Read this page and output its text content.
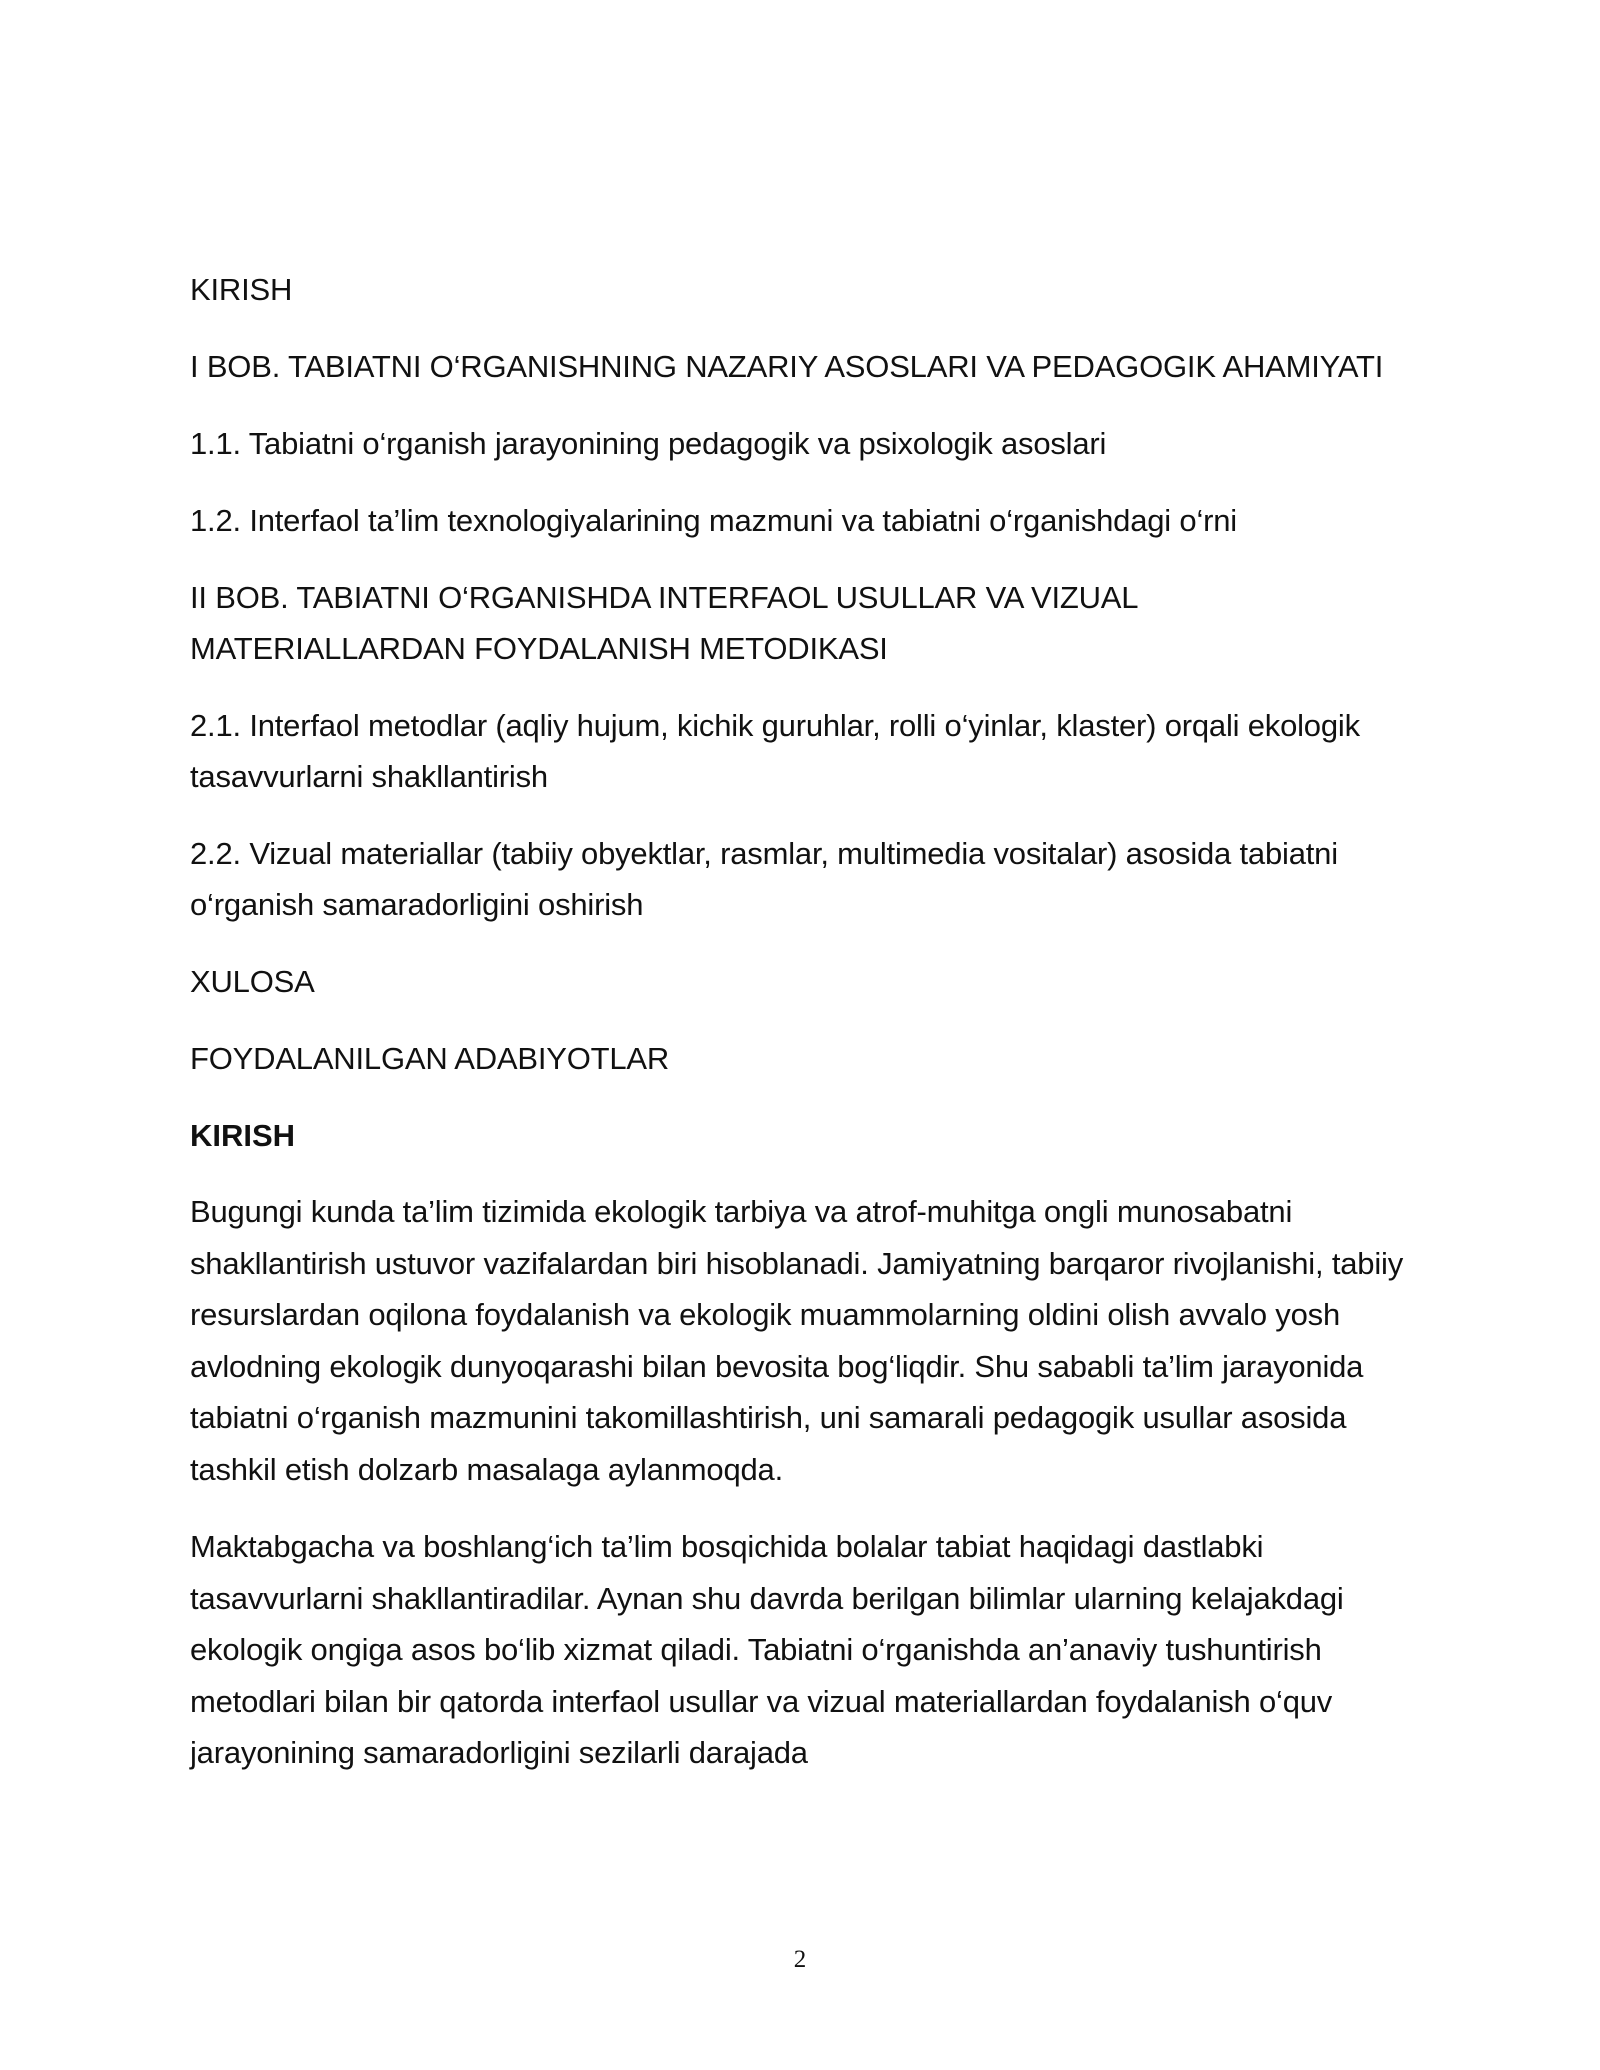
KIRISH

I BOB. TABIATNI O‘RGANISHNING NAZARIY ASOSLARI VA PEDAGOGIK AHAMIYATI

1.1. Tabiatni o‘rganish jarayonining pedagogik va psixologik asoslari

1.2. Interfaol ta’lim texnologiyalarining mazmuni va tabiatni o‘rganishdagi o‘rni

II BOB. TABIATNI O‘RGANISHDA INTERFAOL USULLAR VA VIZUAL MATERIALLARDAN FOYDALANISH METODIKASI

2.1. Interfaol metodlar (aqliy hujum, kichik guruhlar, rolli o‘yinlar, klaster) orqali ekologik tasavvurlarni shakllantirish

2.2. Vizual materiallar (tabiiy obyektlar, rasmlar, multimedia vositalar) asosida tabiatni o‘rganish samaradorligini oshirish

XULOSA

FOYDALANILGAN ADABIYOTLAR

KIRISH

Bugungi kunda ta’lim tizimida ekologik tarbiya va atrof-muhitga ongli munosabatni shakllantirish ustuvor vazifalardan biri hisoblanadi. Jamiyatning barqaror rivojlanishi, tabiiy resurslardan oqilona foydalanish va ekologik muammolarning oldini olish avvalo yosh avlodning ekologik dunyoqarashi bilan bevosita bog‘liqdir. Shu sababli ta’lim jarayonida tabiatni o‘rganish mazmunini takomillashtirish, uni samarali pedagogik usullar asosida tashkil etish dolzarb masalaga aylanmoqda.

Maktabgacha va boshlang‘ich ta’lim bosqichida bolalar tabiat haqidagi dastlabki tasavvurlarni shakllantiradilar. Aynan shu davrda berilgan bilimlar ularning kelajakdagi ekologik ongiga asos bo‘lib xizmat qiladi. Tabiatni o‘rganishda an’anaviy tushuntirish metodlari bilan bir qatorda interfaol usullar va vizual materiallardan foydalanish o‘quv jarayonining samaradorligini sezilarli darajada

2
